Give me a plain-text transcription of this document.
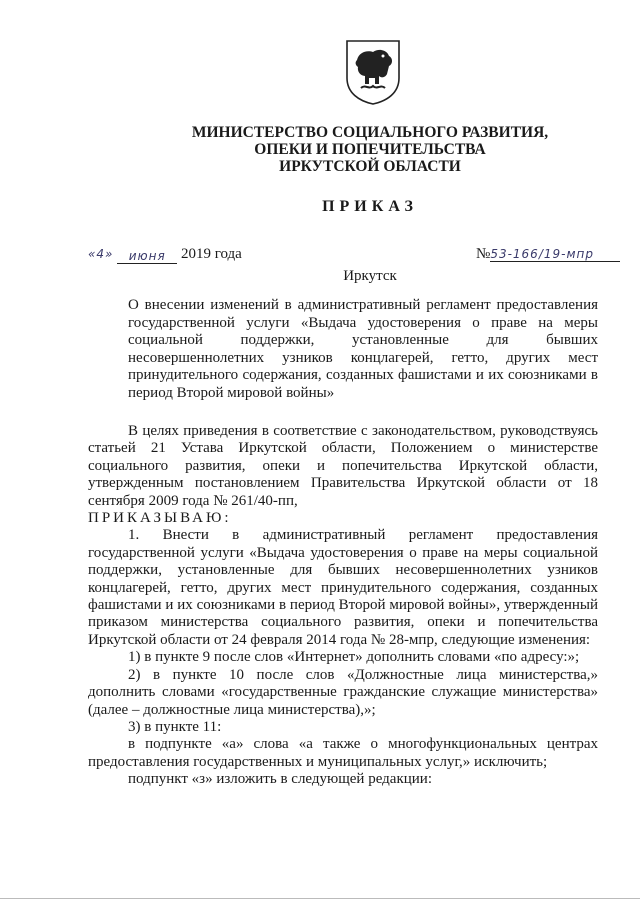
МИНИСТЕРСТВО СОЦИАЛЬНОГО РАЗВИТИЯ,
ОПЕКИ И ПОПЕЧИТЕЛЬСТВА
ИРКУТСКОЙ ОБЛАСТИ
ПРИКАЗ
«4» июня 2019 года	№53-166/19-мпр
Иркутск
О внесении изменений в административный регламент предоставления государственной услуги «Выдача удостоверения о праве на меры социальной поддержки, установленные для бывших несовершеннолетних узников концлагерей, гетто, других мест принудительного содержания, созданных фашистами и их союзниками в период Второй мировой войны»

В целях приведения в соответствие с законодательством, руководствуясь статьей 21 Устава Иркутской области, Положением о министерстве социального развития, опеки и попечительства Иркутской области, утвержденным постановлением Правительства Иркутской области от 18 сентября 2009 года № 261/40-пп,

ПРИКАЗЫВАЮ:

1. Внести в административный регламент предоставления государственной услуги «Выдача удостоверения о праве на меры социальной поддержки, установленные для бывших несовершеннолетних узников концлагерей, гетто, других мест принудительного содержания, созданных фашистами и их союзниками в период Второй мировой войны», утвержденный приказом министерства социального развития, опеки и попечительства Иркутской области от 24 февраля 2014 года № 28-мпр, следующие изменения:

1) в пункте 9 после слов «Интернет» дополнить словами «по адресу:»;

2) в пункте 10 после слов «Должностные лица министерства,» дополнить словами «государственные гражданские служащие министерства» (далее – должностные лица министерства),»;

3) в пункте 11:

в подпункте «а» слова «а также о многофункциональных центрах предоставления государственных и муниципальных услуг,» исключить;

подпункт «з» изложить в следующей редакции:
